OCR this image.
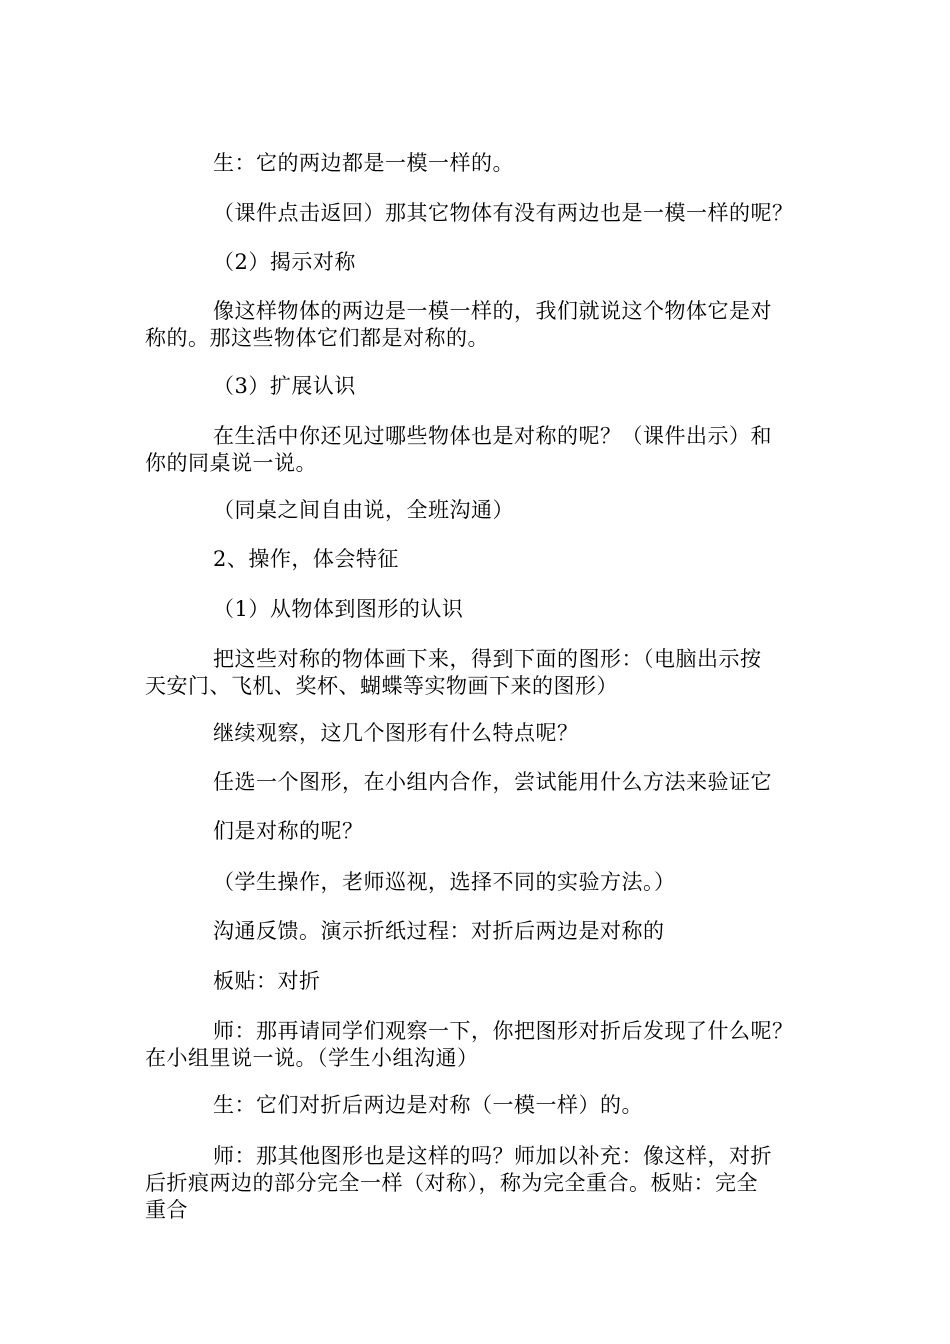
生：它的两边都是一模一样的。

（课件点击返回）那其它物体有没有两边也是一模一样的呢？

（2）揭示对称

像这样物体的两边是一模一样的，我们就说这个物体它是对
称的。那这些物体它们都是对称的。

（3）扩展认识

在生活中你还见过哪些物体也是对称的呢？（课件出示）和
你的同桌说一说。

（同桌之间自由说，全班沟通）

2、操作，体会特征

（1）从物体到图形的认识

把这些对称的物体画下来，得到下面的图形：（电脑出示按
天安门、飞机、奖杯、蝴蝶等实物画下来的图形）

继续观察，这几个图形有什么特点呢？

任选一个图形，在小组内合作，尝试能用什么方法来验证它

们是对称的呢？

（学生操作，老师巡视，选择不同的实验方法。）

沟通反馈。演示折纸过程：对折后两边是对称的

板贴：对折

师：那再请同学们观察一下，你把图形对折后发现了什么呢？
在小组里说一说。（学生小组沟通）

生：它们对折后两边是对称（一模一样）的。

师：那其他图形也是这样的吗？师加以补充：像这样，对折
后折痕两边的部分完全一样（对称），称为完全重合。板贴：完全
重合
